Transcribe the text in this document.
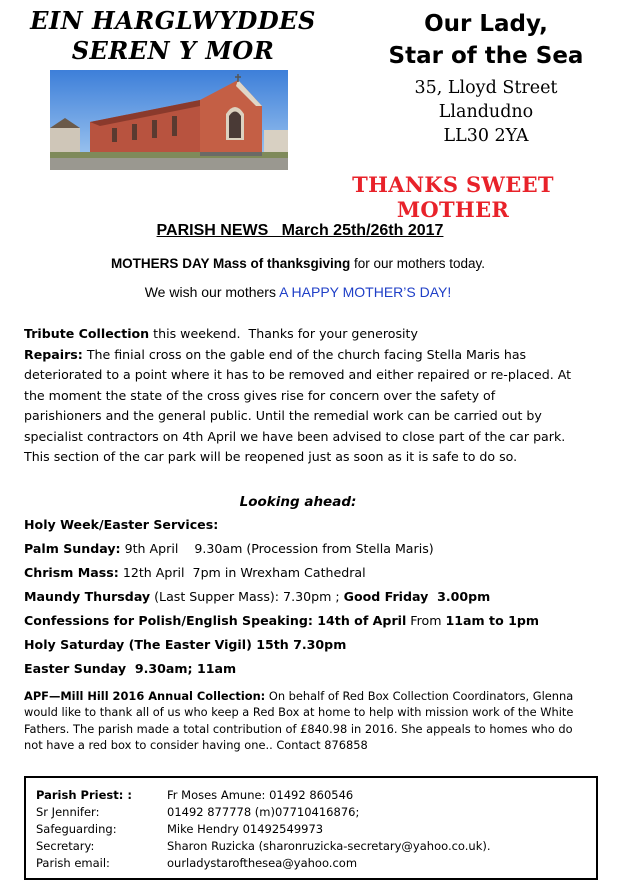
EIN HARGLWYDDES
SEREN Y MOR
Our Lady,
Star of the Sea
35, Lloyd Street
Llandudno
LL30 2YA
THANKS SWEET MOTHER
PARISH NEWS   March 25th/26th 2017
MOTHERS DAY Mass of thanksgiving for our mothers today.
We wish our mothers A HAPPY MOTHER’S DAY!
Tribute Collection this weekend.  Thanks for your generosity
Repairs: The finial cross on the gable end of the church facing Stella Maris has deteriorated to a point where it has to be removed and either repaired or re-placed. At the moment the state of the cross gives rise for concern over the safety of parishioners and the general public. Until the remedial work can be carried out by specialist contractors on 4th April we have been advised to close part of the car park. This section of the car park will be reopened just as soon as it is safe to do so.
Looking ahead:
Holy Week/Easter Services:
Palm Sunday: 9th April    9.30am (Procession from Stella Maris)
Chrism Mass: 12th April  7pm in Wrexham Cathedral
Maundy Thursday (Last Supper Mass): 7.30pm ; Good Friday  3.00pm
Confessions for Polish/English Speaking: 14th of April From 11am to 1pm
Holy Saturday (The Easter Vigil) 15th 7.30pm
Easter Sunday  9.30am; 11am
APF—Mill Hill 2016 Annual Collection: On behalf of Red Box Collection Coordinators, Glenna would like to thank all of us who keep a Red Box at home to help with mission work of the White Fathers. The parish made a total contribution of £840.98 in 2016. She appeals to homes who do not have a red box to consider having one.. Contact 876858
Parish Priest: :	Fr Moses Amune: 01492 860546
Sr Jennifer:	01492 877778 (m)07710416876;
Safeguarding:	Mike Hendry 01492549973
Secretary:	Sharon Ruzicka (sharonruzicka-secretary@yahoo.co.uk).
Parish email:	ourladystarofthesea@yahoo.com
